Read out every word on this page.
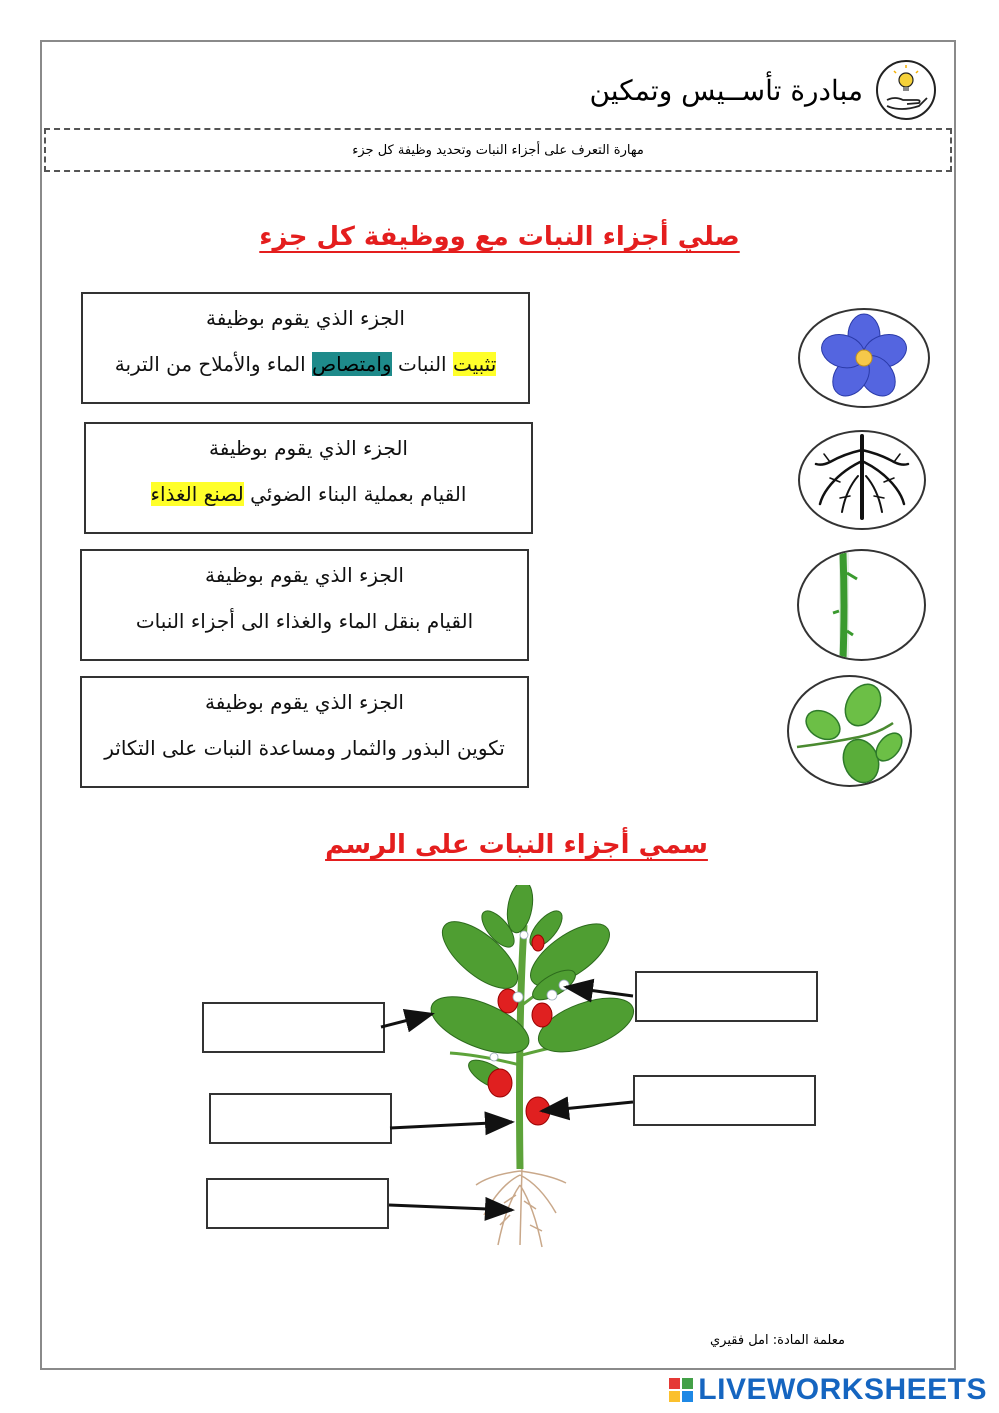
مبادرة تأســيس وتمكين
مهارة التعرف على أجزاء النبات وتحديد وظيفة كل جزء
صلي أجزاء النبات مع ووظيفة كل جزء
الجزء الذي يقوم بوظيفة
تثبيت النبات وامتصاص الماء والأملاح من التربة
الجزء الذي يقوم بوظيفة
القيام بعملية البناء الضوئي لصنع الغذاء
الجزء الذي يقوم بوظيفة
القيام بنقل الماء والغذاء الى أجزاء النبات
الجزء الذي يقوم بوظيفة
تكوين البذور والثمار ومساعدة النبات على التكاثر
سمي أجزاء النبات على الرسم
معلمة المادة: امل فقيري
LIVEWORKSHEETS
